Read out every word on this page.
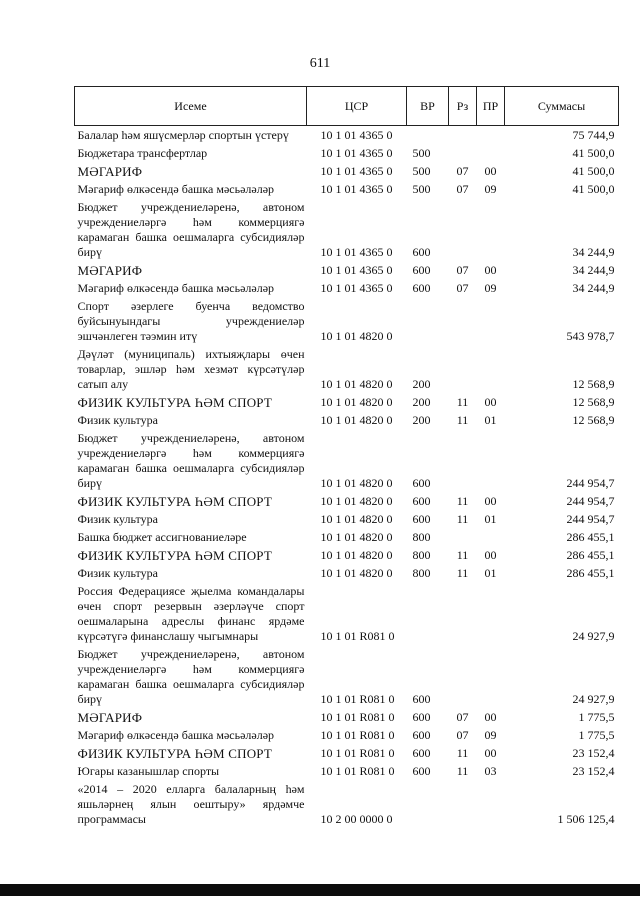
611
Исеме	ЦСР	ВР	Рз	ПР	Суммасы
Балалар һәм яшүсмерләр спортын үстерү	10 1 01 4365 0				75 744,9
Бюджетара трансфертлар	10 1 01 4365 0	500			41 500,0
МӘГАРИФ	10 1 01 4365 0	500	07	00	41 500,0
Мәгариф өлкәсендә башка мәсьәләләр	10 1 01 4365 0	500	07	09	41 500,0
Бюджет учреждениеләренә, автоном учреждениеләргә һәм коммерциягә карамаган башка оешмаларга субсидияләр бирү	10 1 01 4365 0	600			34 244,9
МӘГАРИФ	10 1 01 4365 0	600	07	00	34 244,9
Мәгариф өлкәсендә башка мәсьәләләр	10 1 01 4365 0	600	07	09	34 244,9
Спорт әзерлеге буенча ведомство буйсынуындагы учреждениеләр эшчәнлеген тәэмин итү	10 1 01 4820 0				543 978,7
Дәүләт (муниципаль) ихтыяҗлары өчен товарлар, эшләр һәм хезмәт күрсәтүләр сатып алу	10 1 01 4820 0	200			12 568,9
ФИЗИК КУЛЬТУРА ҺӘМ СПОРТ	10 1 01 4820 0	200	11	00	12 568,9
Физик культура	10 1 01 4820 0	200	11	01	12 568,9
Бюджет учреждениеләренә, автоном учреждениеләргә һәм коммерциягә карамаган башка оешмаларга субсидияләр бирү	10 1 01 4820 0	600			244 954,7
ФИЗИК КУЛЬТУРА ҺӘМ СПОРТ	10 1 01 4820 0	600	11	00	244 954,7
Физик культура	10 1 01 4820 0	600	11	01	244 954,7
Башка бюджет ассигнованиеләре	10 1 01 4820 0	800			286 455,1
ФИЗИК КУЛЬТУРА ҺӘМ СПОРТ	10 1 01 4820 0	800	11	00	286 455,1
Физик культура	10 1 01 4820 0	800	11	01	286 455,1
Россия Федерациясе җыелма командалары өчен спорт резервын әзерләүче спорт оешмаларына адреслы финанс ярдәме күрсәтүгә финанслашу чыгымнары	10 1 01 R081 0				24 927,9
Бюджет учреждениеләренә, автоном учреждениеләргә һәм коммерциягә карамаган башка оешмаларга субсидияләр бирү	10 1 01 R081 0	600			24 927,9
МӘГАРИФ	10 1 01 R081 0	600	07	00	1 775,5
Мәгариф өлкәсендә башка мәсьәләләр	10 1 01 R081 0	600	07	09	1 775,5
ФИЗИК КУЛЬТУРА ҺӘМ СПОРТ	10 1 01 R081 0	600	11	00	23 152,4
Югары казанышлар спорты	10 1 01 R081 0	600	11	03	23 152,4
«2014 – 2020 елларга балаларның һәм яшьләрнең ялын оештыру» ярдәмче программасы	10 2 00 0000 0				1 506 125,4
